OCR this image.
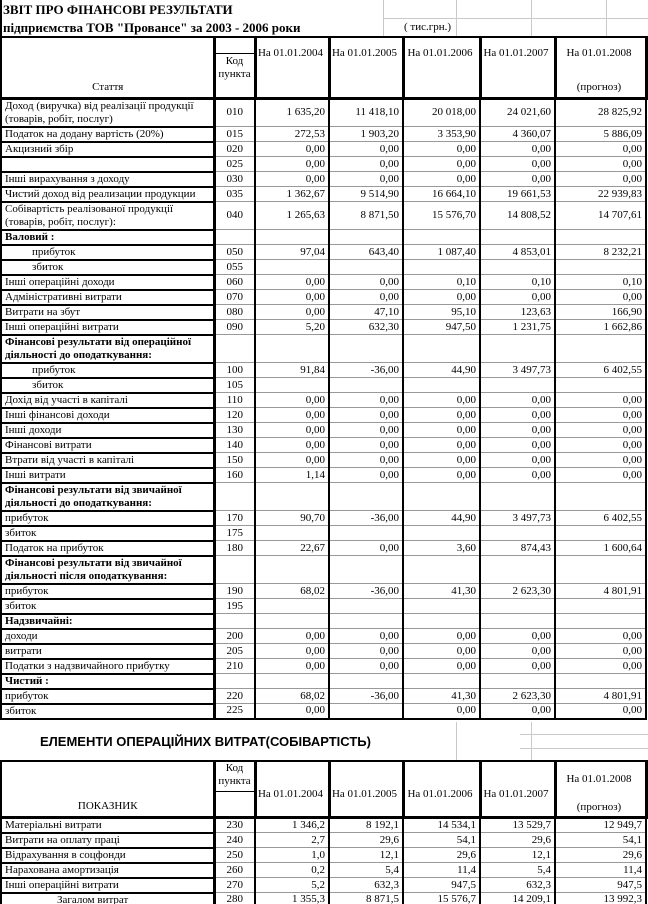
ЗВІТ ПРО ФІНАНСОВІ РЕЗУЛЬТАТИ
підприємства ТОВ "Провансе" за 2003 - 2006 роки	( тис.грн.)
Стаття	
Код
пункта

На 01.01.2004	На 01.01.2005	На 01.01.2006	На 01.01.2007	На 01.01.2008
(прогноз)

Доход (виручка) від реалізації продукції (товарів, робіт, послуг)	010	1 635,20	11 418,10	20 018,00	24 021,60	28 825,92
Податок на додану вартість (20%)	015	272,53	1 903,20	3 353,90	4 360,07	5 886,09
Акцизний збір	020	0,00	0,00	0,00	0,00	0,00
	025	0,00	0,00	0,00	0,00	0,00
Інші вирахування з доходу	030	0,00	0,00	0,00	0,00	0,00
Чистий доход від реализации продукции	035	1 362,67	9 514,90	16 664,10	19 661,53	22 939,83
Собівартість реалізованої продукції (товарів, робіт, послуг):	040	1 265,63	8 871,50	15 576,70	14 808,52	14 707,61
Валовий :						
прибуток	050	97,04	643,40	1 087,40	4 853,01	8 232,21
збиток	055					
Інші операційні доходи	060	0,00	0,00	0,10	0,10	0,10
Адміністративні витрати	070	0,00	0,00	0,00	0,00	0,00
Витрати на збут	080	0,00	47,10	95,10	123,63	166,90
Інші операційні витрати	090	5,20	632,30	947,50	1 231,75	1 662,86
Фінансові результати від операційної діяльності до оподаткування:						
прибуток	100	91,84	-36,00	44,90	3 497,73	6 402,55
збиток	105					
Дохід від участі в капіталі	110	0,00	0,00	0,00	0,00	0,00
Інші фінансові доходи	120	0,00	0,00	0,00	0,00	0,00
Інші доходи	130	0,00	0,00	0,00	0,00	0,00
Фінансові витрати	140	0,00	0,00	0,00	0,00	0,00
Втрати від участі в капіталі	150	0,00	0,00	0,00	0,00	0,00
Інші витрати	160	1,14	0,00	0,00	0,00	0,00
Фінансові результати від звичайної діяльності до оподаткування:						
прибуток	170	90,70	-36,00	44,90	3 497,73	6 402,55
збиток	175					
Податок на прибуток	180	22,67	0,00	3,60	874,43	1 600,64
Фінансові результати від звичайної діяльності після оподаткування:						
прибуток	190	68,02	-36,00	41,30	2 623,30	4 801,91
збиток	195					
Надзвичайні:						
доходи	200	0,00	0,00	0,00	0,00	0,00
витрати	205	0,00	0,00	0,00	0,00	0,00
Податки з надзвичайного прибутку	210	0,00	0,00	0,00	0,00	0,00
Чистий :						
прибуток	220	68,02	-36,00	41,30	2 623,30	4 801,91
збиток	225	0,00		0,00	0,00	0,00
ЕЛЕМЕНТИ ОПЕРАЦІЙНИХ ВИТРАТ(СОБІВАРТІСТЬ)
ПОКАЗНИК	
Код
пункта

На 01.01.2004	На 01.01.2005	На 01.01.2006	На 01.01.2007

На 01.01.2008
(прогноз)

Матеріальні витрати	230	1 346,2	8 192,1	14 534,1	13 529,7	12 949,7
Витрати на оплату праці	240	2,7	29,6	54,1	29,6	54,1
Відрахування в соцфонди	250	1,0	12,1	29,6	12,1	29,6
Нарахована амортизація	260	0,2	5,4	11,4	5,4	11,4
Інші операційні витрати	270	5,2	632,3	947,5	632,3	947,5
Загалом витрат	280	1 355,3	8 871,5	15 576,7	14 209,1	13 992,3
